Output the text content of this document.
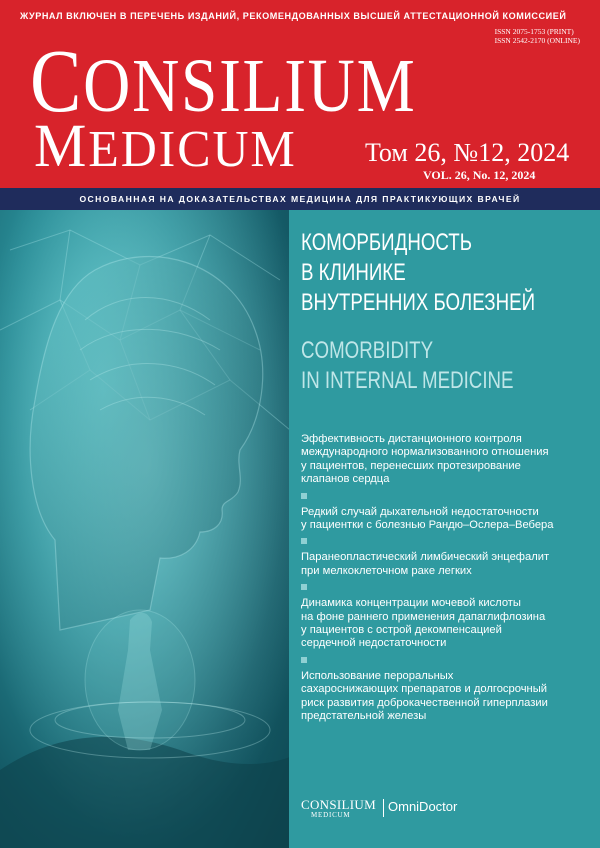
ЖУРНАЛ ВКЛЮЧЕН В ПЕРЕЧЕНЬ ИЗДАНИЙ, РЕКОМЕНДОВАННЫХ ВЫСШЕЙ АТТЕСТАЦИОННОЙ КОМИССИЕЙ
ISSN 2075-1753 (PRINT)
ISSN 2542-2170 (ONLINE)
CONSILIUM
MEDICUM	Том 26, №12, 2024
VOL. 26, No. 12, 2024
ОСНОВАННАЯ НА ДОКАЗАТЕЛЬСТВАХ МЕДИЦИНА ДЛЯ ПРАКТИКУЮЩИХ ВРАЧЕЙ
КОМОРБИДНОСТЬ
В КЛИНИКЕ
ВНУТРЕННИХ БОЛЕЗНЕЙ
COMORBIDITY
IN INTERNAL MEDICINE
Эффективность дистанционного контроля
международного нормализованного отношения
у пациентов, перенесших протезирование
клапанов сердца
Редкий случай дыхательной недостаточности
у пациентки с болезнью Рандю–Ослера–Вебера
Паранеопластический лимбический энцефалит
при мелкоклеточном раке легких
Динамика концентрации мочевой кислоты
на фоне раннего применения дапаглифлозина
у пациентов с острой декомпенсацией
сердечной недостаточности
Использование пероральных
сахароснижающих препаратов и долгосрочный
риск развития доброкачественной гиперплазии
предстательной железы
CONSILIUM
MEDICUM
OmniDoctor
